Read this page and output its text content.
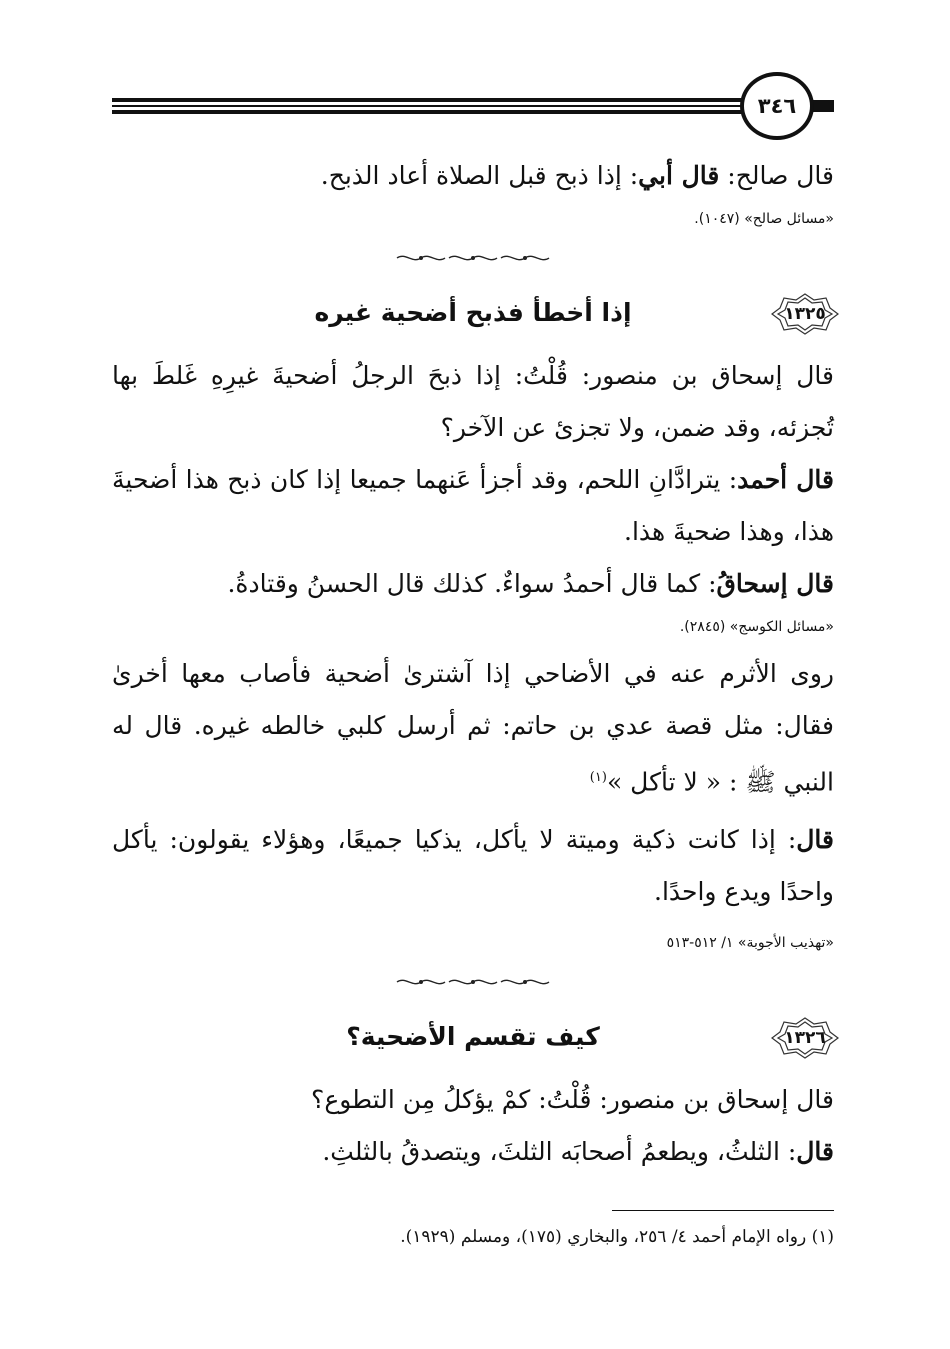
٣٤٦

قال صالح: قال أبي: إذا ذبح قبل الصلاة أعاد الذبح.

«مسائل صالح» (١٠٤٧).

١٣٢٥
إذا أخطأ فذبح أضحية غيره

قال إسحاق بن منصور: قُلْتُ: إذا ذبحَ الرجلُ أضحيةَ غيرِهِ غَلطَ بها تُجزئه، وقد ضمن، ولا تجزئ عن الآخر؟

قال أحمد: يترادَّانِ اللحم، وقد أجزأ عَنهما جميعا إذا كان ذبح هذا أضحيةَ هذا، وهذا ضحيةَ هذا.

قال إسحاقُ: كما قال أحمدُ سواءٌ. كذلك قال الحسنُ وقتادةُ.

«مسائل الكوسج» (٢٨٤٥).

روى الأثرم عنه في الأضاحي إذا آشترىٰ أضحية فأصاب معها أخرىٰ فقال: مثل قصة عدي بن حاتم: ثم أرسل كلبي خالطه غيره. قال له النبي ﷺ : « لا تأكل »$^{(١)}$

قال: إذا كانت ذكية وميتة لا يأكل، يذكيا جميعًا، وهؤلاء يقولون: يأكل واحدًا ويدع واحدًا.

«تهذيب الأجوبة» ١/ ٥١٢-٥١٣

١٣٢٦
كيف تقسم الأضحية؟

قال إسحاق بن منصور: قُلْتُ: كمْ يؤكلُ مِن التطوع؟

قال: الثلثُ، ويطعمُ أصحابَه الثلثَ، ويتصدقُ بالثلثِ.

(١) رواه الإمام أحمد ٤/ ٢٥٦، والبخاري (١٧٥)، ومسلم (١٩٢٩).
